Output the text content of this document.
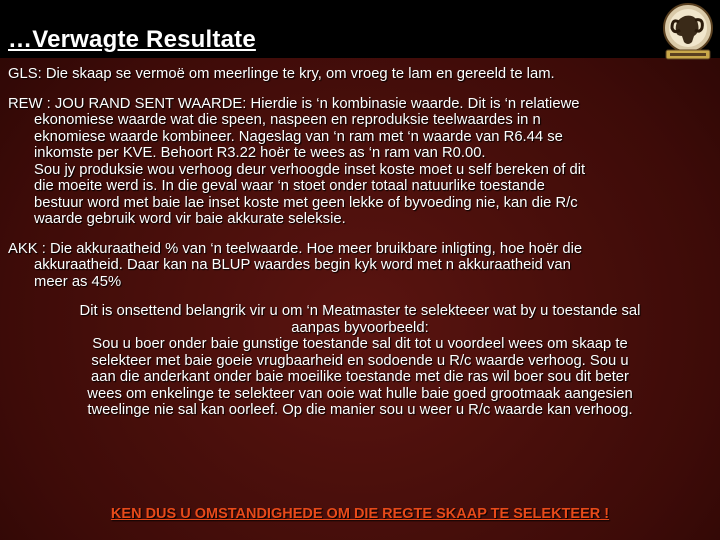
…Verwagte Resultate

GLS: Die skaap se vermoë om meerlinge te kry, om vroeg te lam en gereeld te lam.

REW : JOU RAND SENT WAARDE: Hierdie is ‘n kombinasie waarde. Dit is ‘n relatiewe
ekonomiese waarde wat die speen, naspeen en reproduksie teelwaardes in n
eknomiese waarde kombineer. Nageslag van ‘n ram met ‘n waarde van R6.44 se
inkomste per KVE. Behoort R3.22 hoër te wees as ‘n ram van R0.00.
Sou jy produksie wou verhoog deur verhoogde inset koste moet u self bereken of dit
die moeite werd is. In die geval waar ‘n stoet onder totaal natuurlike toestande
bestuur word met baie lae inset koste met geen lekke of byvoeding nie, kan die R/c
waarde gebruik word vir baie akkurate seleksie.

AKK : Die akkuraatheid % van ‘n teelwaarde. Hoe meer bruikbare inligting, hoe hoër die
akkuraatheid. Daar kan na BLUP waardes begin kyk word met n akkuraatheid van
meer as 45%

Dit is onsettend belangrik vir u om ‘n Meatmaster te selekteeer wat by u toestande sal

aanpas byvoorbeeld:

Sou u boer onder baie gunstige toestande sal dit tot u voordeel wees om skaap te

selekteer met baie goeie vrugbaarheid en sodoende u R/c waarde verhoog. Sou u

aan die anderkant onder baie moeilike toestande met die ras wil boer sou dit beter

wees om enkelinge te selekteer van ooie wat hulle baie goed grootmaak aangesien

tweelinge nie sal kan oorleef. Op die manier sou u weer u R/c waarde kan verhoog.

KEN DUS U OMSTANDIGHEDE OM DIE REGTE SKAAP TE SELEKTEER !
